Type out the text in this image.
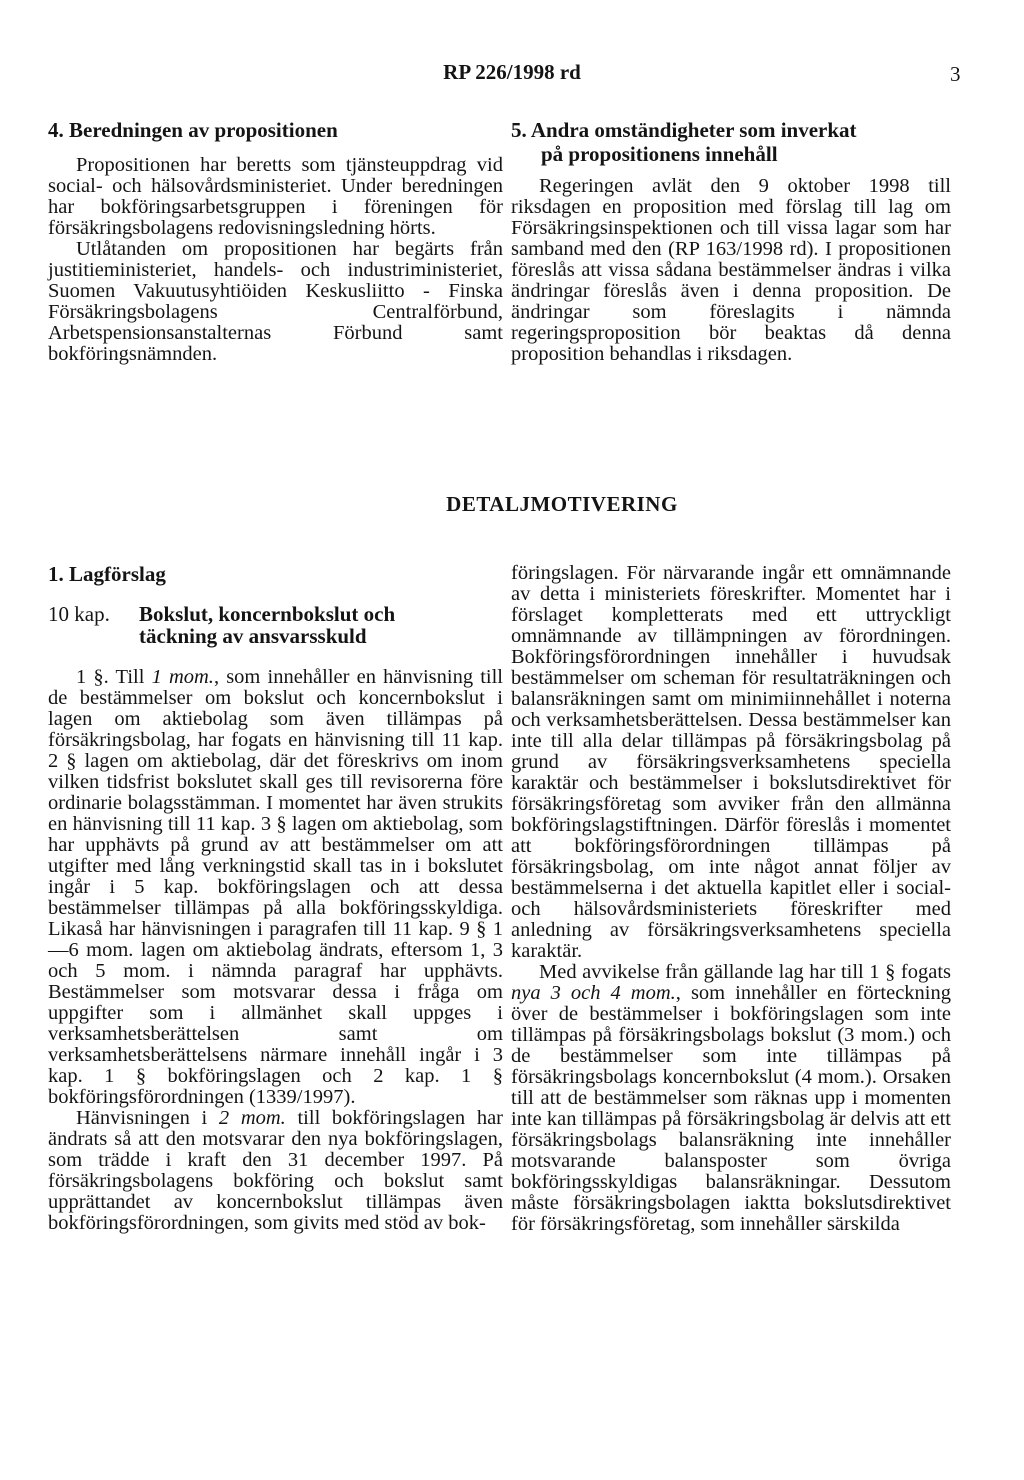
RP 226/1998 rd	3
4. Beredningen av propositionen

Propositionen har beretts som tjänsteuppdrag vid social- och hälsovårdsministeriet. Under beredningen har bokföringsarbetsgruppen i föreningen för försäkringsbolagens redovisningsledning hörts.

Utlåtanden om propositionen har begärts från justitieministeriet, handels- och industriministeriet, Suomen Vakuutusyhtiöiden Keskusliitto - Finska Försäkringsbolagens Centralförbund, Arbetspensionsanstalternas Förbund samt bokföringsnämnden.

5. Andra omständigheter som inverkat
på propositionens innehåll

Regeringen avlät den 9 oktober 1998 till riksdagen en proposition med förslag till lag om Försäkringsinspektionen och till vissa lagar som har samband med den (RP 163/1998 rd). I propositionen föreslås att vissa sådana bestämmelser ändras i vilka ändringar föreslås även i denna proposition. De ändringar som föreslagits i nämnda regeringsproposition bör beaktas då denna proposition behandlas i riksdagen.

DETALJMOTIVERING
1. Lagförslag
10 kap. Bokslut, koncernbokslut och
täckning av ansvarsskuld

1 §. Till 1 mom., som innehåller en hänvisning till de bestämmelser om bokslut och koncernbokslut i lagen om aktiebolag som även tillämpas på försäkringsbolag, har fogats en hänvisning till 11 kap. 2 § lagen om aktiebolag, där det föreskrivs om inom vilken tidsfrist bokslutet skall ges till revisorerna före ordinarie bolagsstämman. I momentet har även strukits en hänvisning till 11 kap. 3 § lagen om aktiebolag, som har upphävts på grund av att bestämmelser om att utgifter med lång verkningstid skall tas in i bokslutet ingår i 5 kap. bokföringslagen och att dessa bestämmelser tillämpas på alla bokföringsskyldiga. Likaså har hänvisningen i paragrafen till 11 kap. 9 § 1—6 mom. lagen om aktiebolag ändrats, eftersom 1, 3 och 5 mom. i nämnda paragraf har upphävts. Bestämmelser som motsvarar dessa i fråga om uppgifter som i allmänhet skall uppges i verksamhetsberättelsen samt om verksamhetsberättelsens närmare innehåll ingår i 3 kap. 1 § bokföringslagen och 2 kap. 1 § bokföringsförordningen (1339/1997).

Hänvisningen i 2 mom. till bokföringslagen har ändrats så att den motsvarar den nya bokföringslagen, som trädde i kraft den 31 december 1997. På försäkringsbolagens bokföring och bokslut samt upprättandet av koncernbokslut tillämpas även bokföringsförordningen, som givits med stöd av bok-

föringslagen. För närvarande ingår ett omnämnande av detta i ministeriets föreskrifter. Momentet har i förslaget kompletterats med ett uttryckligt omnämnande av tillämpningen av förordningen. Bokföringsförordningen innehåller i huvudsak bestämmelser om scheman för resultaträkningen och balansräkningen samt om minimiinnehållet i noterna och verksamhetsberättelsen. Dessa bestämmelser kan inte till alla delar tillämpas på försäkringsbolag på grund av försäkringsverksamhetens speciella karaktär och bestämmelser i bokslutsdirektivet för försäkringsföretag som avviker från den allmänna bokföringslagstiftningen. Därför föreslås i momentet att bokföringsförordningen tillämpas på försäkringsbolag, om inte något annat följer av bestämmelserna i det aktuella kapitlet eller i social- och hälsovårdsministeriets föreskrifter med anledning av försäkringsverksamhetens speciella karaktär.

Med avvikelse från gällande lag har till 1 § fogats nya 3 och 4 mom., som innehåller en förteckning över de bestämmelser i bokföringslagen som inte tillämpas på försäkringsbolags bokslut (3 mom.) och de bestämmelser som inte tillämpas på försäkringsbolags koncernbokslut (4 mom.). Orsaken till att de bestämmelser som räknas upp i momenten inte kan tillämpas på försäkringsbolag är delvis att ett försäkringsbolags balansräkning inte innehåller motsvarande balansposter som övriga bokföringsskyldigas balansräkningar. Dessutom måste försäkringsbolagen iaktta bokslutsdirektivet för försäkringsföretag, som innehåller särskilda
